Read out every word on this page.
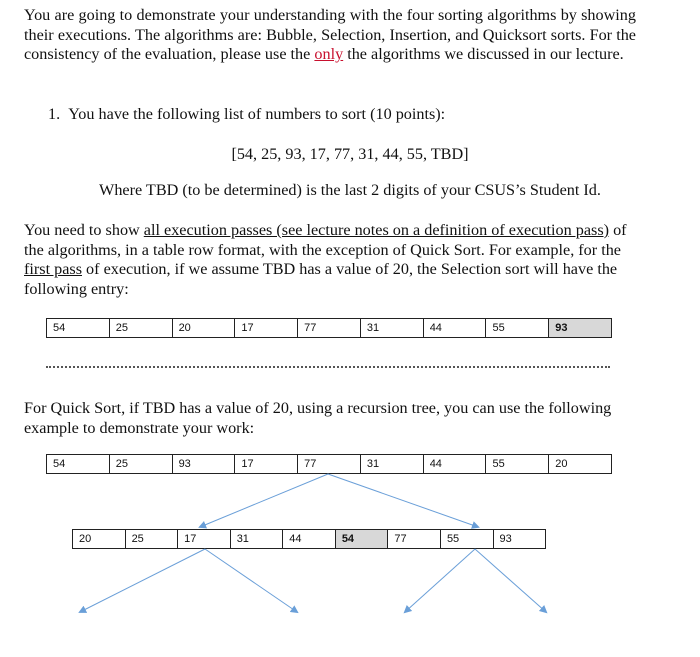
You are going to demonstrate your understanding with the four sorting algorithms by showing their executions. The algorithms are: Bubble, Selection, Insertion, and Quicksort sorts. For the consistency of the evaluation, please use the only the algorithms we discussed in our lecture.

1. You have the following list of numbers to sort (10 points):

[54, 25, 93, 17, 77, 31, 44, 55, TBD]

Where TBD (to be determined) is the last 2 digits of your CSUS’s Student Id.

You need to show all execution passes (see lecture notes on a definition of execution pass) of the algorithms, in a table row format, with the exception of Quick Sort. For example, for the first pass of execution, if we assume TBD has a value of 20, the Selection sort will have the following entry:

54	25	20	17	77	31	44	55	93

For Quick Sort, if TBD has a value of 20, using a recursion tree, you can use the following example to demonstrate your work:

54	25	93	17	77	31	44	55	20
20	25	17	31	44	54	77	55	93
